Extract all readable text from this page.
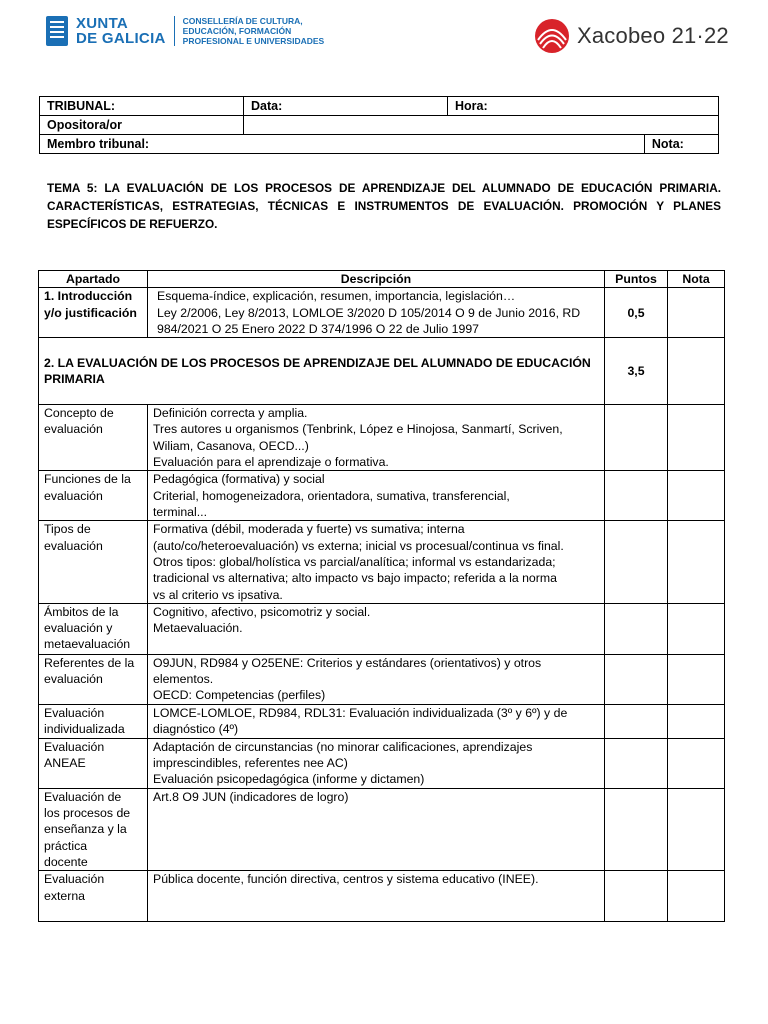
XUNTA
DE GALICIA
CONSELLERÍA DE CULTURA,
EDUCACIÓN, FORMACIÓN
PROFESIONAL E UNIVERSIDADES	Xacobeo 21·22
TRIBUNAL:	Data:	Hora:	
Opositora/or			
Membro tribunal:			Nota:
TEMA 5: LA EVALUACIÓN DE LOS PROCESOS DE APRENDIZAJE DEL ALUMNADO DE EDUCACIÓN PRIMARIA. CARACTERÍSTICAS, ESTRATEGIAS, TÉCNICAS E INSTRUMENTOS DE EVALUACIÓN. PROMOCIÓN Y PLANES ESPECÍFICOS DE REFUERZO.
Apartado	Descripción	Puntos	Nota

1. Introducción
y/o justificación	Esquema-índice, explicación, resumen, importancia, legislación…
Ley 2/2006, Ley 8/2013, LOMLOE 3/2020 D 105/2014 O 9 de Junio 2016, RD
984/2021 O 25 Enero 2022 D 374/1996 O 22 de Julio 1997	0,5	

2. LA EVALUACIÓN DE LOS PROCESOS DE APRENDIZAJE DEL ALUMNADO DE EDUCACIÓN
PRIMARIA		3,5	

Concepto de
evaluación	Definición correcta y amplia.
Tres autores u organismos (Tenbrink, López e Hinojosa, Sanmartí, Scriven,
Wiliam, Casanova, OECD...)
Evaluación para el aprendizaje o formativa.		

Funciones de la
evaluación	Pedagógica (formativa) y social
Criterial, homogeneizadora, orientadora, sumativa, transferencial,
terminal...		

Tipos de
evaluación	Formativa (débil, moderada y fuerte) vs sumativa; interna
(auto/co/heteroevaluación) vs externa; inicial vs procesual/continua vs final.
Otros tipos: global/holística vs parcial/analítica; informal vs estandarizada;
tradicional vs alternativa; alto impacto vs bajo impacto; referida a la norma
vs al criterio vs ipsativa.		

Ámbitos de la
evaluación y
metaevaluación	Cognitivo, afectivo, psicomotriz y social.
Metaevaluación.		

Referentes de la
evaluación	O9JUN, RD984 y O25ENE: Criterios y estándares (orientativos) y otros
elementos.
OECD: Competencias (perfiles)		

Evaluación
individualizada	LOMCE-LOMLOE, RD984, RDL31: Evaluación individualizada (3º y 6º) y de
diagnóstico (4º)		

Evaluación
ANEAE	Adaptación de circunstancias (no minorar calificaciones, aprendizajes
imprescindibles, referentes nee AC)
Evaluación psicopedagógica (informe y dictamen)		

Evaluación de
los procesos de
enseñanza y la
práctica
docente	Art.8 O9 JUN (indicadores de logro)		

Evaluación
externa	Pública docente, función directiva, centros y sistema educativo (INEE).		
